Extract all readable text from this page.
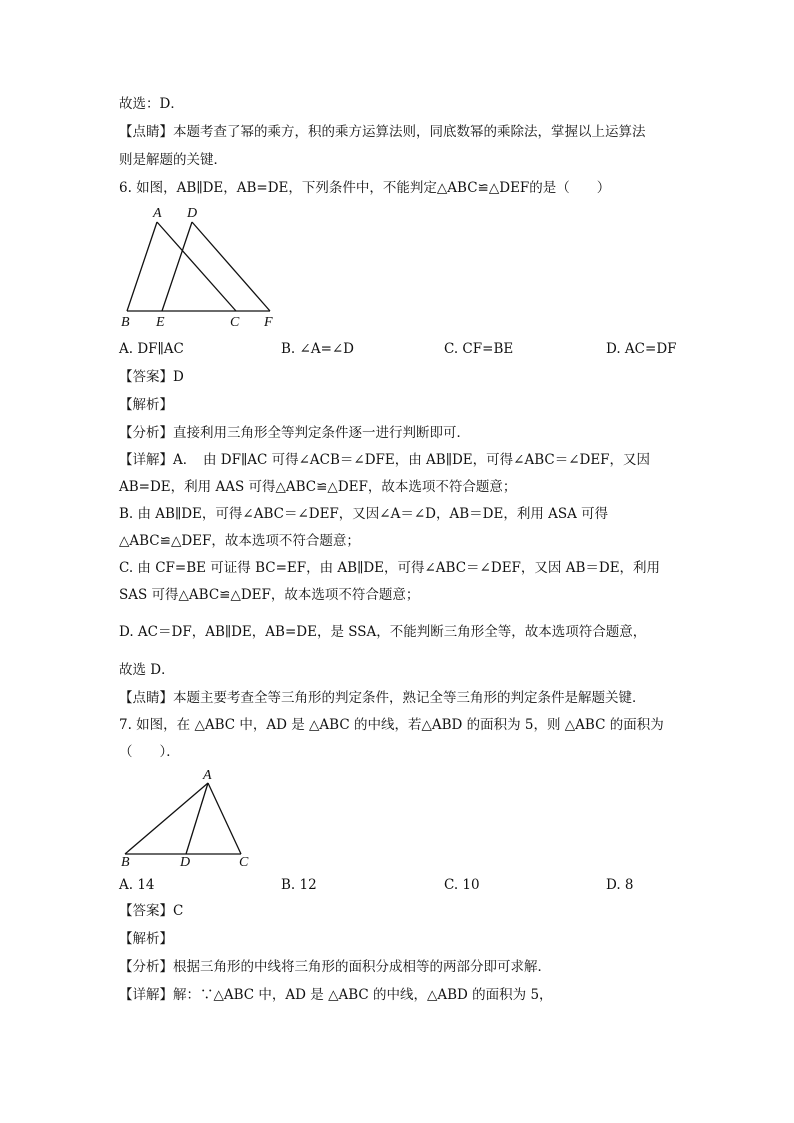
故选：D．
【点睛】本题考查了幂的乘方，积的乘方运算法则，同底数幂的乘除法，掌握以上运算法
则是解题的关键．
6. 如图，AB∥DE，AB=DE，下列条件中，不能判定△ABC≌△DEF的是（　　）
A D
B E	C F
A. DF∥AC	B. ∠A=∠D	C. CF=BE	D. AC=DF
【答案】D
【解析】
【分析】直接利用三角形全等判定条件逐一进行判断即可．
【详解】A．　由 DF∥AC 可得∠ACB＝∠DFE，由 AB∥DE，可得∠ABC＝∠DEF，又因
AB=DE，利用 AAS 可得△ABC≌△DEF，故本选项不符合题意；
B. 由 AB∥DE，可得∠ABC＝∠DEF，又因∠A＝∠D，AB＝DE，利用 ASA 可得
△ABC≌△DEF，故本选项不符合题意；
C. 由 CF=BE 可证得 BC=EF，由 AB∥DE，可得∠ABC＝∠DEF，又因 AB＝DE，利用
SAS 可得△ABC≌△DEF，故本选项不符合题意；
D. AC＝DF，AB∥DE，AB=DE，是 SSA，不能判断三角形全等，故本选项符合题意，
故选 D．
【点睛】本题主要考查全等三角形的判定条件，熟记全等三角形的判定条件是解题关键．
7. 如图，在 △ABC 中，AD 是 △ABC 的中线，若△ABD 的面积为 5，则 △ABC 的面积为
（　　）．
A
B	D	C
A. 14	B. 12	C. 10	D. 8
【答案】C
【解析】
【分析】根据三角形的中线将三角形的面积分成相等的两部分即可求解．
【详解】解：∵△ABC 中，AD 是 △ABC 的中线，△ABD 的面积为 5，
